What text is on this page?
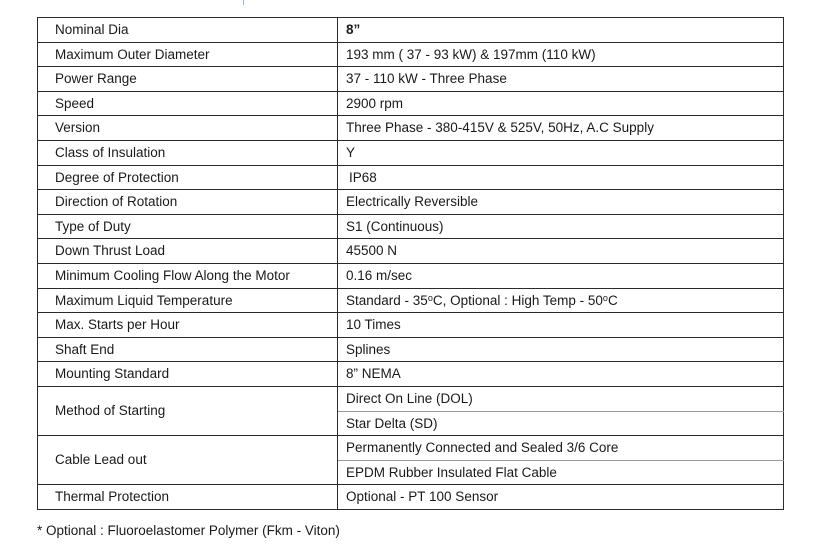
Nominal Dia	8”
Maximum Outer Diameter	193 mm ( 37 - 93 kW) & 197mm (110 kW)
Power Range	37 - 110 kW - Three Phase
Speed	2900 rpm
Version	Three Phase - 380-415V & 525V, 50Hz, A.C Supply
Class of Insulation	Y
Degree of Protection	IP68
Direction of Rotation	Electrically Reversible
Type of Duty	S1 (Continuous)
Down Thrust Load	45500 N
Minimum Cooling Flow Along the Motor	0.16 m/sec
Maximum Liquid Temperature	Standard - 35$^o$C, Optional : High Temp - 50$^o$C
Max. Starts per Hour	10 Times
Shaft End	Splines
Mounting Standard	8” NEMA
Method of Starting	Direct On Line (DOL)
	Star Delta (SD)
Cable Lead out	Permanently Connected and Sealed 3/6 Core
	EPDM Rubber Insulated Flat Cable
Thermal Protection	Optional - PT 100 Sensor
* Optional : Fluoroelastomer Polymer (Fkm - Viton)
